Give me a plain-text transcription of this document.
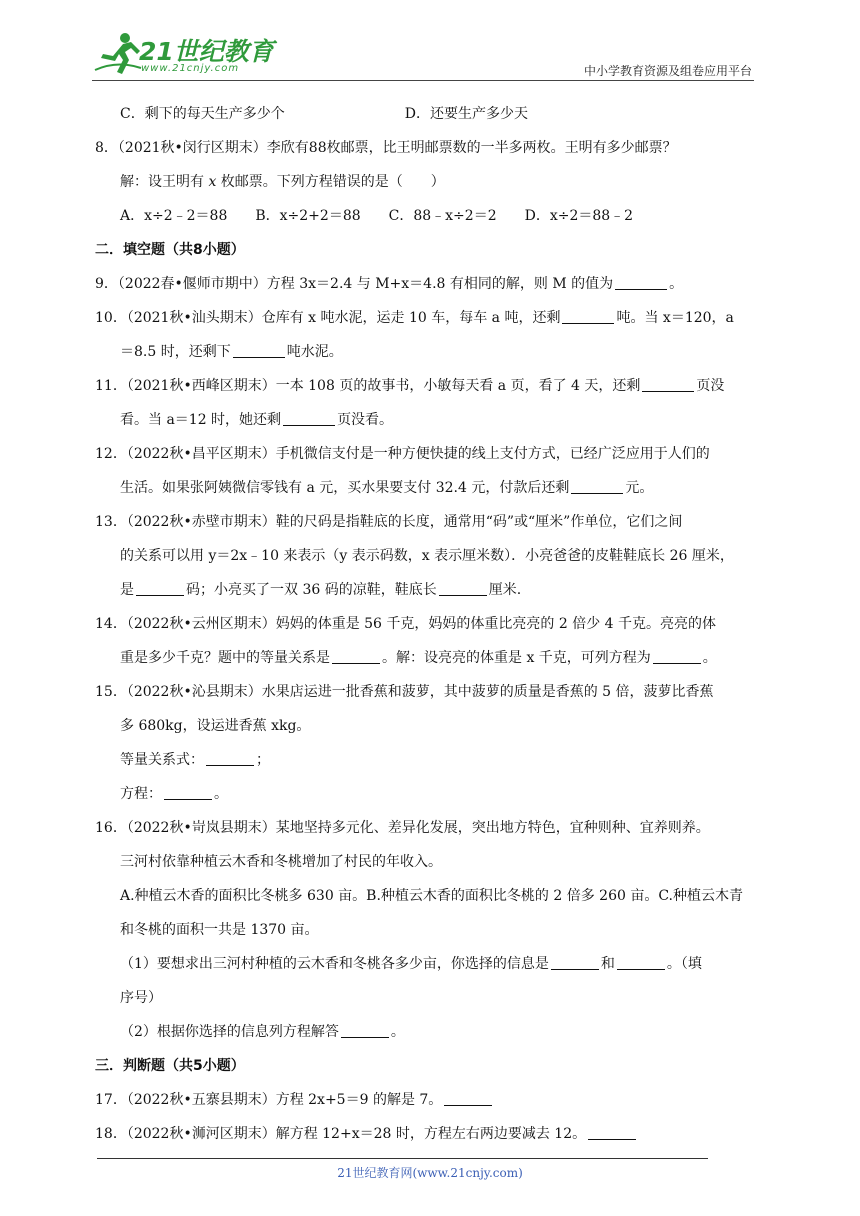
21世纪教育
www.21cnjy.com	中小学教育资源及组卷应用平台
C．剩下的每天生产多少个	D．还要生产多少天
8．（2021秋•闵行区期末）李欣有88枚邮票，比王明邮票数的一半多两枚。王明有多少邮票？
解：设王明有 x 枚邮票。下列方程错误的是（　　）
A．x÷2﹣2＝88　　B．x÷2+2＝88　　C．88﹣x÷2＝2　　D．x÷2＝88﹣2
二．填空题（共8小题）
9．（2022春•偃师市期中）方程 3x＝2.4 与 M+x＝4.8 有相同的解，则 M 的值为	。
10．（2021秋•汕头期末）仓库有 x 吨水泥，运走 10 车，每车 a 吨，还剩	吨。当 x＝120，a
＝8.5 时，还剩下	吨水泥。
11．（2021秋•西峰区期末）一本 108 页的故事书，小敏每天看 a 页，看了 4 天，还剩	页没
看。当 a＝12 时，她还剩	页没看。
12．（2022秋•昌平区期末）手机微信支付是一种方便快捷的线上支付方式，已经广泛应用于人们的
生活。如果张阿姨微信零钱有 a 元，买水果要支付 32.4 元，付款后还剩	元。
13．（2022秋•赤壁市期末）鞋的尺码是指鞋底的长度，通常用“码”或“厘米”作单位，它们之间
的关系可以用 y＝2x﹣10 来表示（y 表示码数，x 表示厘米数）．小亮爸爸的皮鞋鞋底长 26 厘米，
是	码；小亮买了一双 36 码的凉鞋，鞋底长	厘米.
14．（2022秋•云州区期末）妈妈的体重是 56 千克，妈妈的体重比亮亮的 2 倍少 4 千克。亮亮的体
重是多少千克？题中的等量关系是	。解：设亮亮的体重是 x 千克，可列方程为	。
15．（2022秋•沁县期末）水果店运进一批香蕉和菠萝，其中菠萝的质量是香蕉的 5 倍，菠萝比香蕉
多 680kg，设运进香蕉 xkg。
等量关系式：	；
方程：	。
16．（2022秋•岢岚县期末）某地坚持多元化、差异化发展，突出地方特色，宜种则种、宜养则养。
三河村依靠种植云木香和冬桃增加了村民的年收入。
A.种植云木香的面积比冬桃多 630 亩。B.种植云木香的面积比冬桃的 2 倍多 260 亩。C.种植云木青
和冬桃的面积一共是 1370 亩。
（1）要想求出三河村种植的云木香和冬桃各多少亩，你选择的信息是	和	。（填
序号）
（2）根据你选择的信息列方程解答	。
三．判断题（共5小题）
17．（2022秋•五寨县期末）方程 2x+5＝9 的解是 7。
18．（2022秋•浉河区期末）解方程 12+x＝28 时，方程左右两边要减去 12。
21世纪教育网(www.21cnjy.com)
